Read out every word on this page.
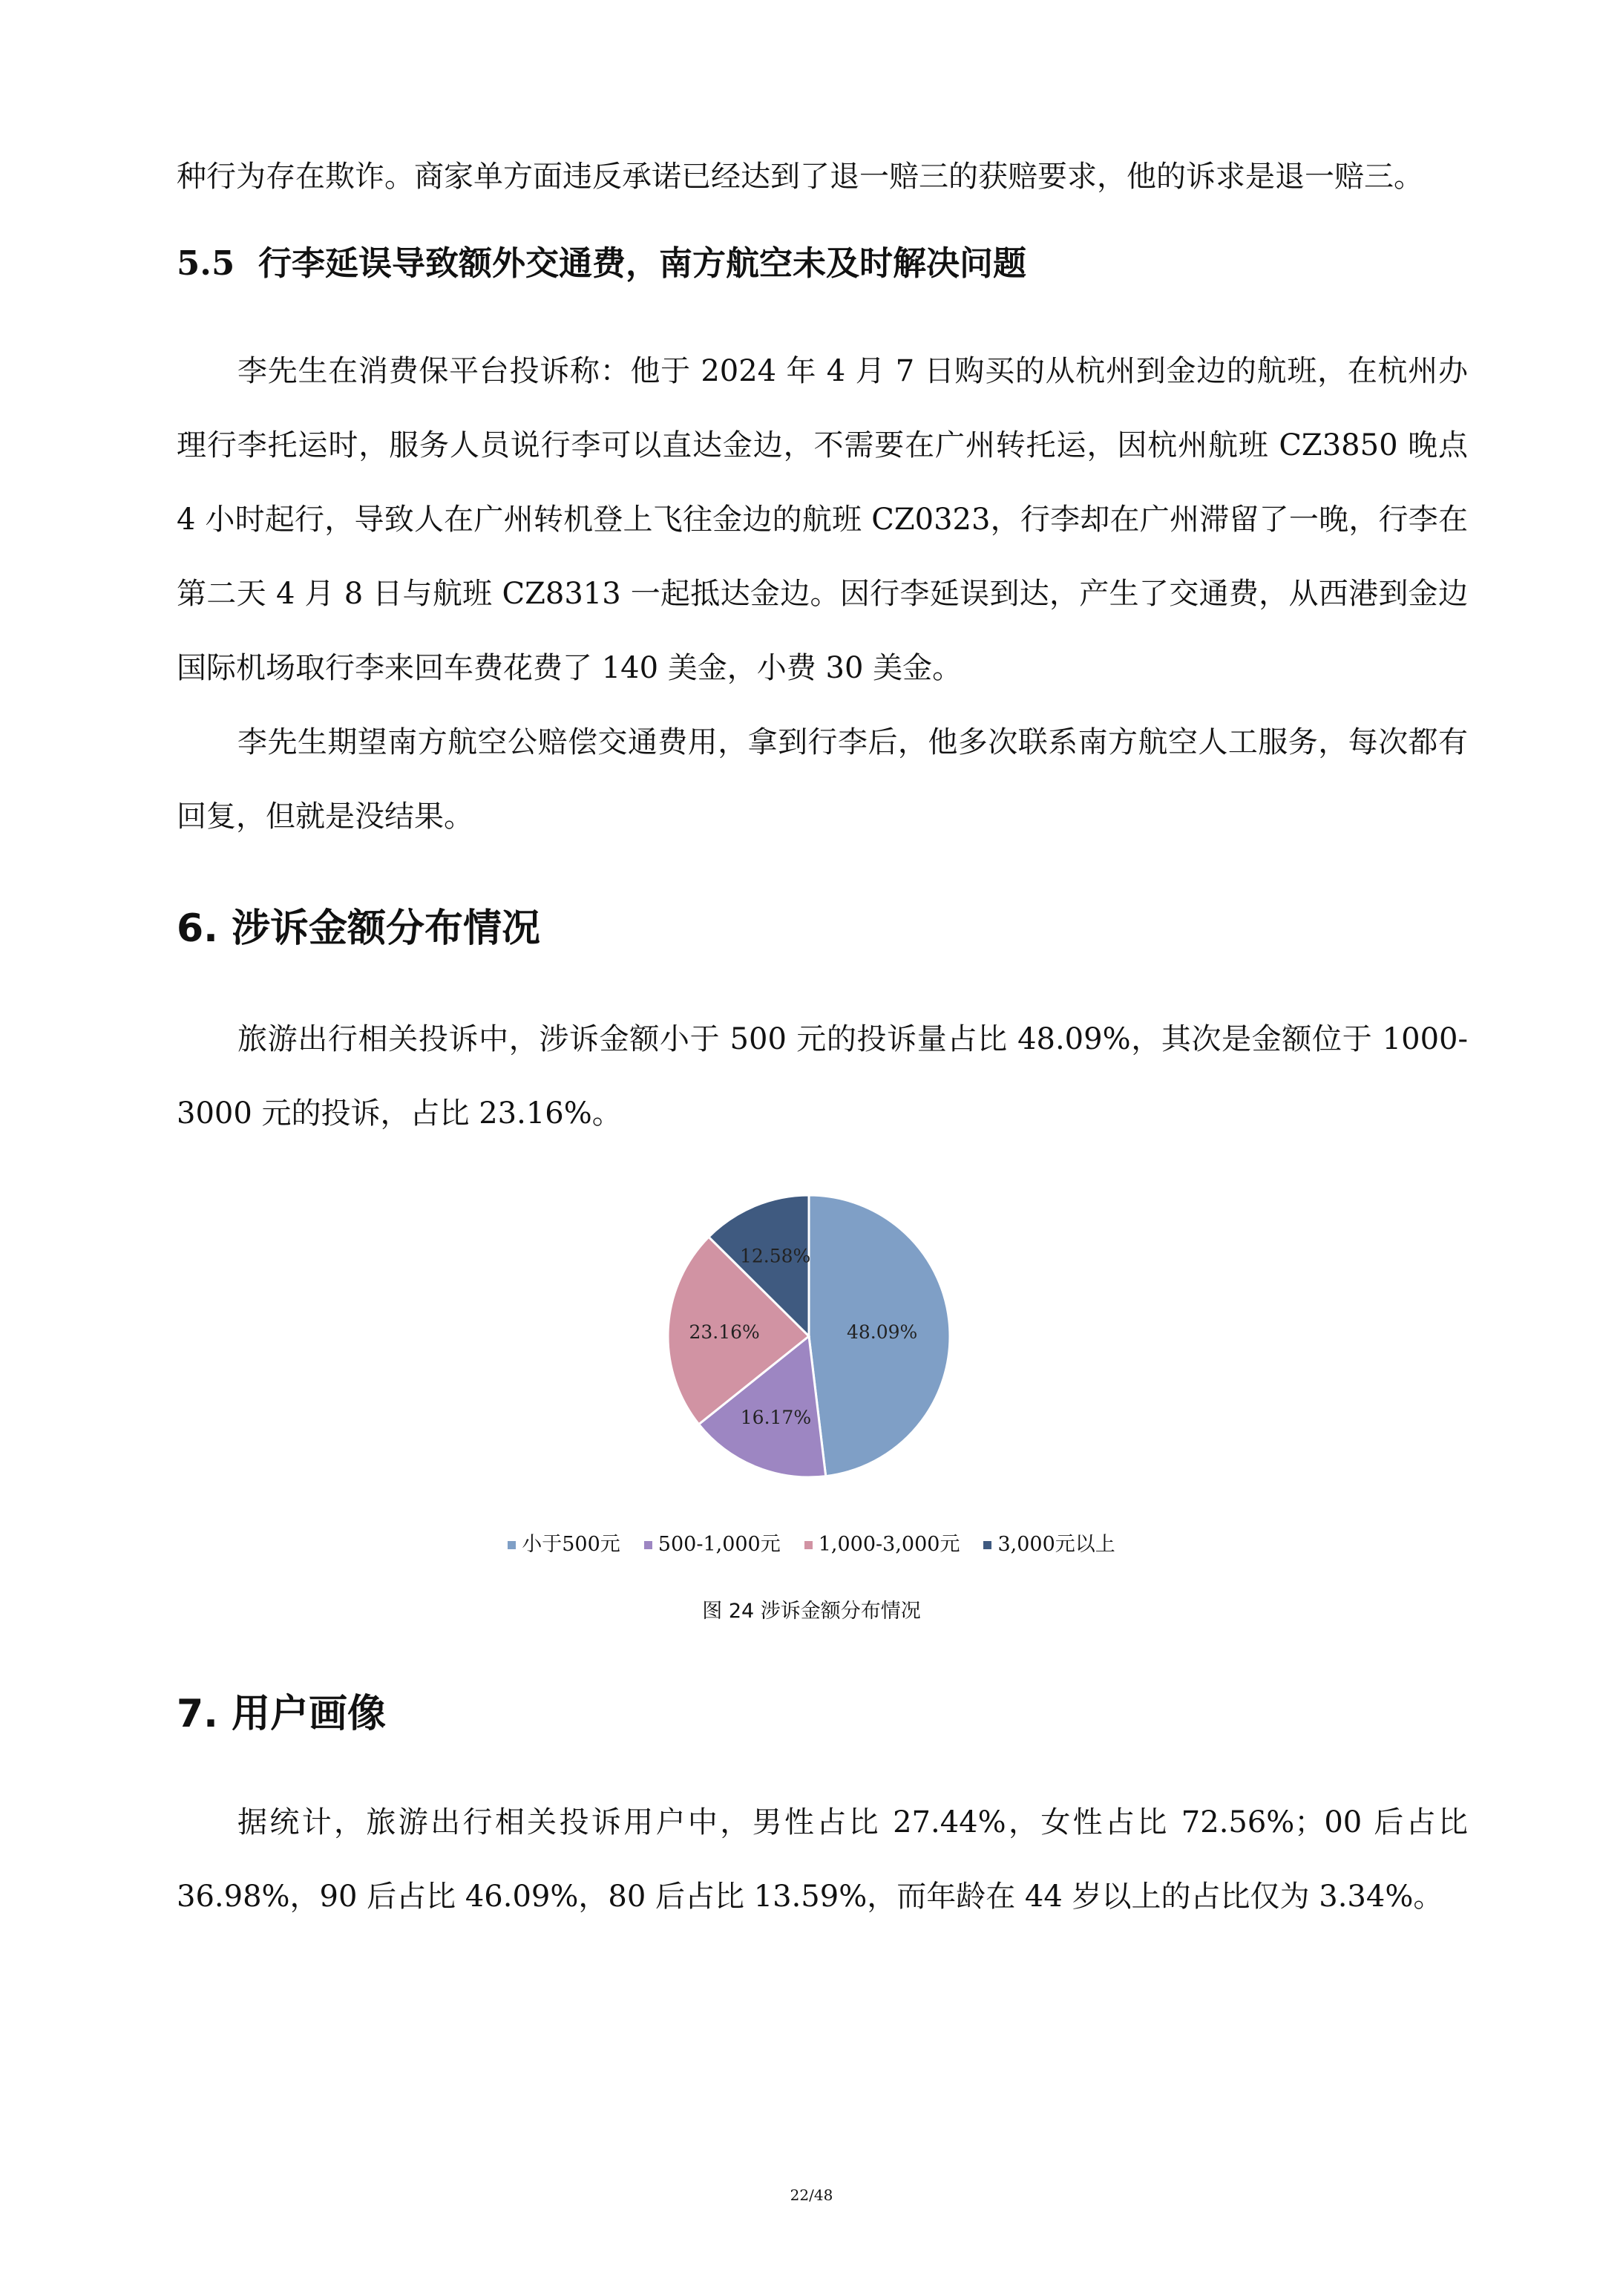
种行为存在欺诈。商家单方面违反承诺已经达到了退一赔三的获赔要求，他的诉求是退一赔三。

5.5 行李延误导致额外交通费，南方航空未及时解决问题

李先生在消费保平台投诉称：他于 2024 年 4 月 7 日购买的从杭州到金边的航班，在杭州办理行李托运时，服务人员说行李可以直达金边，不需要在广州转托运，因杭州航班 CZ3850 晚点 4 小时起行，导致人在广州转机登上飞往金边的航班 CZ0323，行李却在广州滞留了一晚，行李在第二天 4 月 8 日与航班 CZ8313 一起抵达金边。因行李延误到达，产生了交通费，从西港到金边国际机场取行李来回车费花费了 140 美金，小费 30 美金。

李先生期望南方航空公赔偿交通费用，拿到行李后，他多次联系南方航空人工服务，每次都有回复，但就是没结果。

6. 涉诉金额分布情况

旅游出行相关投诉中，涉诉金额小于 500 元的投诉量占比 48.09%，其次是金额位于 1000-3000 元的投诉，占比 23.16%。

48.09%
16.17%
23.16%
12.58%
小于500元 500-1,000元 1,000-3,000元 3,000元以上

图 24 涉诉金额分布情况

7. 用户画像

据统计，旅游出行相关投诉用户中，男性占比 27.44%，女性占比 72.56%；00 后占比 36.98%，90 后占比 46.09%，80 后占比 13.59%，而年龄在 44 岁以上的占比仅为 3.34%。

22/48
